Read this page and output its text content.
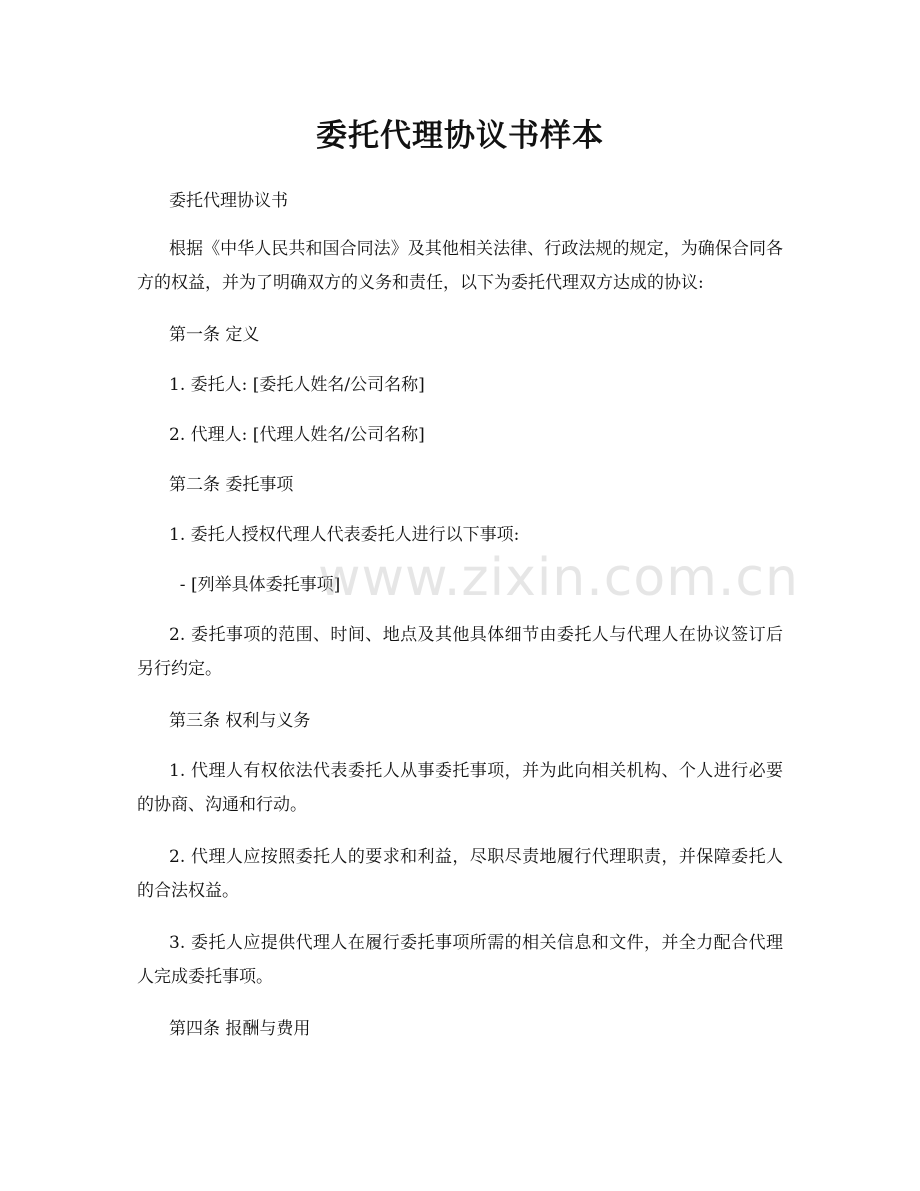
委托代理协议书样本
委托代理协议书
根据《中华人民共和国合同法》及其他相关法律、行政法规的规定，为确保合同各方的权益，并为了明确双方的义务和责任，以下为委托代理双方达成的协议:
第一条 定义
1. 委托人: [委托人姓名/公司名称]
2. 代理人: [代理人姓名/公司名称]
第二条 委托事项
1. 委托人授权代理人代表委托人进行以下事项:
- [列举具体委托事项]
2. 委托事项的范围、时间、地点及其他具体细节由委托人与代理人在协议签订后另行约定。
第三条 权利与义务
1. 代理人有权依法代表委托人从事委托事项，并为此向相关机构、个人进行必要的协商、沟通和行动。
2. 代理人应按照委托人的要求和利益，尽职尽责地履行代理职责，并保障委托人的合法权益。
3. 委托人应提供代理人在履行委托事项所需的相关信息和文件，并全力配合代理人完成委托事项。
第四条 报酬与费用
www.zixin.com.cn
